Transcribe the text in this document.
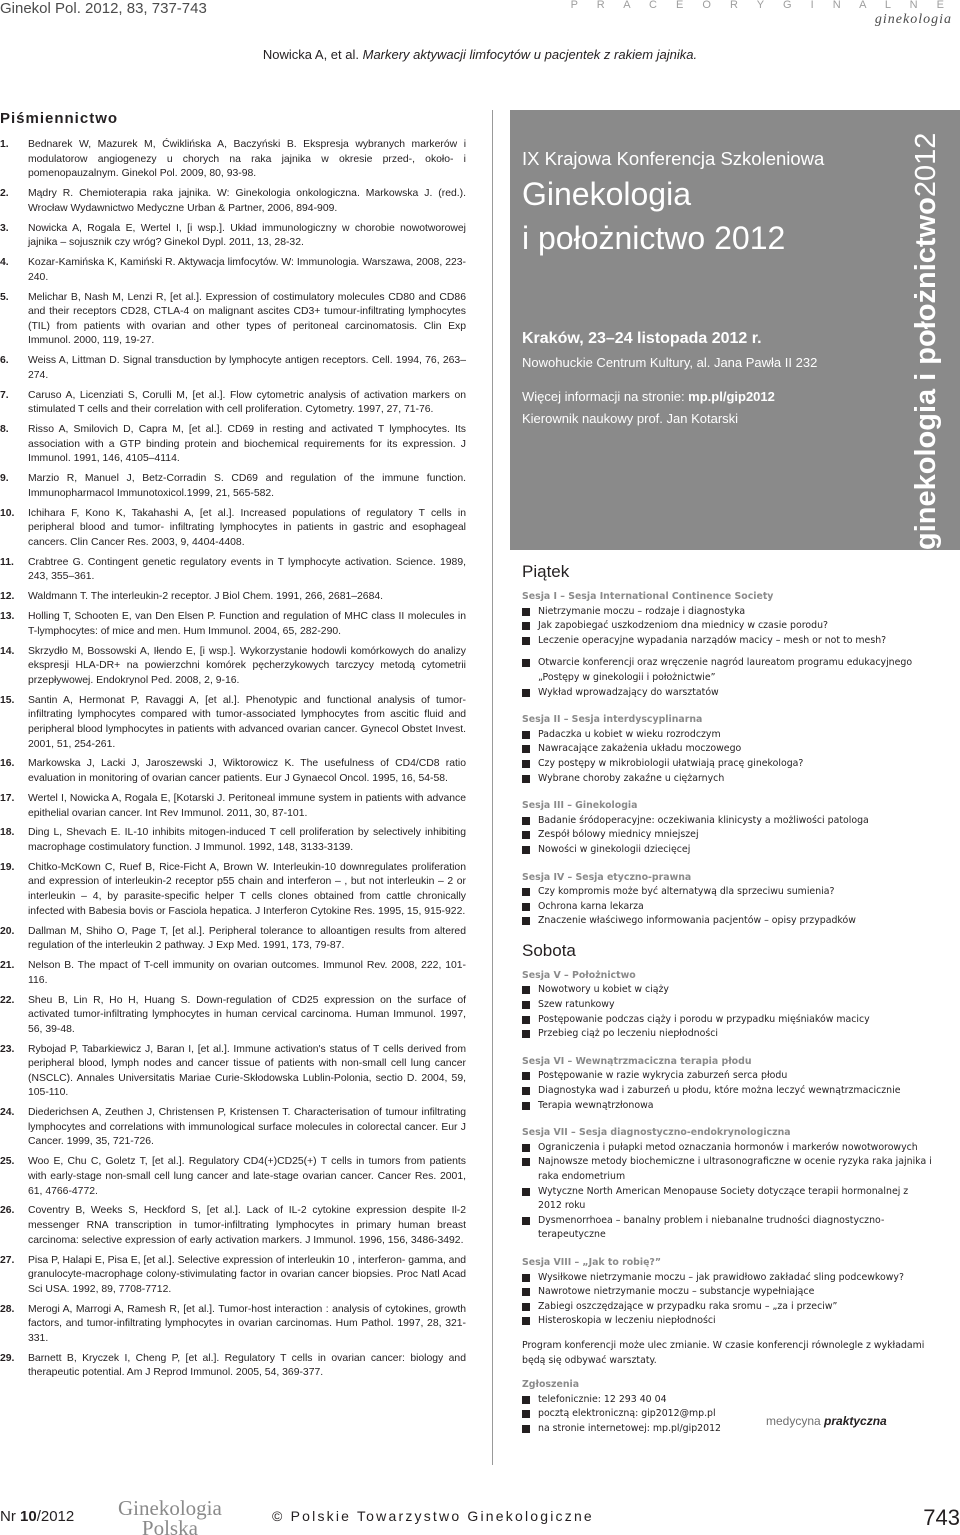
Ginekol Pol. 2012, 83, 737-743	P R A C E O R Y G I N A L N E
ginekologia
Nowicka A, et al. Markery aktywacji limfocytów u pacjentek z rakiem jajnika.
Piśmiennictwo
1.	Bednarek W, Mazurek M, Ćwiklińska A, Baczyński B. Ekspresja wybranych markerów i modulatorow angiogenezy u chorych na raka jajnika w okresie przed-, około- i pomenopauzalnym. Ginekol Pol. 2009, 80, 93-98.
2.	Mądry R. Chemioterapia raka jajnika. W: Ginekologia onkologiczna. Markowska J. (red.). Wrocław Wydawnictwo Medyczne Urban & Partner, 2006, 894-909.
3.	Nowicka A, Rogala E, Wertel I, [i wsp.]. Układ immunologiczny w chorobie nowotworowej jajnika – sojusznik czy wróg? Ginekol Dypl. 2011, 13, 28-32.
4.	Kozar-Kamińska K, Kamiński R. Aktywacja limfocytów. W: Immunologia. Warszawa, 2008, 223-240.
5.	Melichar B, Nash M, Lenzi R, [et al.]. Expression of costimulatory molecules CD80 and CD86 and their receptors CD28, CTLA-4 on malignant ascites CD3+ tumour-infiltrating lymphocytes (TIL) from patients with ovarian and other types of peritoneal carcinomatosis. Clin Exp Immunol. 2000, 119, 19-27.
6.	Weiss A, Littman D. Signal transduction by lymphocyte antigen receptors. Cell. 1994, 76, 263–274.
7.	Caruso A, Licenziati S, Corulli M, [et al.]. Flow cytometric analysis of activation markers on stimulated T cells and their correlation with cell proliferation. Cytometry. 1997, 27, 71-76.
8.	Risso A, Smilovich D, Capra M, [et al.]. CD69 in resting and activated T lymphocytes. Its association with a GTP binding protein and biochemical requirements for its expression. J Immunol. 1991, 146, 4105–4114.
9.	Marzio R, Manuel J, Betz-Corradin S. CD69 and regulation of the immune function. Immunopharmacol Immunotoxicol.1999, 21, 565-582.
10.	Ichihara F, Kono K, Takahashi A, [et al.]. Increased populations of regulatory T cells in peripheral blood and tumor- infiltrating lymphocytes in patients in gastric and esophageal cancers. Clin Cancer Res. 2003, 9, 4404-4408.
11.	Crabtree G. Contingent genetic regulatory events in T lymphocyte activation. Science. 1989, 243, 355–361.
12.	Waldmann T. The interleukin-2 receptor. J Biol Chem. 1991, 266, 2681–2684.
13.	Holling T, Schooten E, van Den Elsen P. Function and regulation of MHC class II molecules in T-lymphocytes: of mice and men. Hum Immunol. 2004, 65, 282-290.
14.	Skrzydło M, Bossowski A, Iłendo E, [i wsp.]. Wykorzystanie hodowli komórkowych do analizy ekspresji HLA-DR+ na powierzchni komórek pęcherzykowych tarczycy metodą cytometrii przepływowej. Endokrynol Ped. 2008, 2, 9-16.
15.	Santin A, Hermonat P, Ravaggi A, [et al.]. Phenotypic and functional analysis of tumor-infiltrating lymphocytes compared with tumor-associated lymphocytes from ascitic fluid and peripheral blood lymphocytes in patients with advanced ovarian cancer. Gynecol Obstet Invest. 2001, 51, 254-261.
16.	Markowska J, Lacki J, Jaroszewski J, Wiktorowicz K. The usefulness of CD4/CD8 ratio evaluation in monitoring of ovarian cancer patients. Eur J Gynaecol Oncol. 1995, 16, 54-58.
17.	Wertel I, Nowicka A, Rogala E, [Kotarski J. Peritoneal immune system in patients with advance epithelial ovarian cancer. Int Rev Immunol. 2011, 30, 87-101.
18.	Ding L, Shevach E. IL-10 inhibits mitogen-induced T cell proliferation by selectively inhibiting macrophage costimulatory function. J Immunol. 1992, 148, 3133-3139.
19.	Chitko-McKown C, Ruef B, Rice-Ficht A, Brown W. Interleukin-10 downregulates proliferation and expression of interleukin-2 receptor p55 chain and interferon – , but not interleukin – 2 or interleukin – 4, by parasite-specific helper T cells clones obtained from cattle chronically infected with Babesia bovis or Fasciola hepatica. J Interferon Cytokine Res. 1995, 15, 915-922.
20.	Dallman M, Shiho O, Page T, [et al.]. Peripheral tolerance to alloantigen results from altered regulation of the interleukin 2 pathway. J Exp Med. 1991, 173, 79-87.
21.	Nelson B. The mpact of T-cell immunity on ovarian outcomes. Immunol Rev. 2008, 222, 101-116.
22.	Sheu B, Lin R, Ho H, Huang S. Down-regulation of CD25 expression on the surface of activated tumor-infiltrating lymphocytes in human cervical carcinoma. Human Immunol. 1997, 56, 39-48.
23.	Rybojad P, Tabarkiewicz J, Baran I, [et al.]. Immune activation's status of T cells derived from peripheral blood, lymph nodes and cancer tissue of patients with non-small cell lung cancer (NSCLC). Annales Universitatis Mariae Curie-Skłodowska Lublin-Polonia, sectio D. 2004, 59, 105-110.
24.	Diederichsen A, Zeuthen J, Christensen P, Kristensen T. Characterisation of tumour infiltrating lymphocytes and correlations with immunological surface molecules in colorectal cancer. Eur J Cancer. 1999, 35, 721-726.
25.	Woo E, Chu C, Goletz T, [et al.]. Regulatory CD4(+)CD25(+) T cells in tumors from patients with early-stage non-small cell lung cancer and late-stage ovarian cancer. Cancer Res. 2001, 61, 4766-4772.
26.	Coventry B, Weeks S, Heckford S, [et al.]. Lack of IL-2 cytokine expression despite Il-2 messenger RNA transcription in tumor-infiltrating lymphocytes in primary human breast carcinoma: selective expression of early activation markers. J Immunol. 1996, 156, 3486-3492.
27.	Pisa P, Halapi E, Pisa E, [et al.]. Selective expression of interleukin 10 , interferon- gamma, and granulocyte-macrophage colony-stivimulating factor in ovarian cancer biopsies. Proc Natl Acad Sci USA. 1992, 89, 7708-7712.
28.	Merogi A, Marrogi A, Ramesh R, [et al.]. Tumor-host interaction : analysis of cytokines, growth factors, and tumor-infiltrating lymphocytes in ovarian carcinomas. Hum Pathol. 1997, 28, 321-331.
29.	Barnett B, Kryczek I, Cheng P, [et al.]. Regulatory T cells in ovarian cancer: biology and therapeutic potential. Am J Reprod Immunol. 2005, 54, 369-377.
IX Krajowa Konferencja Szkoleniowa
Ginekologia
i położnictwo 2012	ginekologia i położnictwo2012
Kraków, 23–24 listopada 2012 r.
Nowohuckie Centrum Kultury, al. Jana Pawła II 232
Więcej informacji na stronie: mp.pl/gip2012
Kierownik naukowy prof. Jan Kotarski
Piątek
Sesja I – Sesja International Continence Society
Nietrzymanie moczu – rodzaje i diagnostyka
Jak zapobiegać uszkodzeniom dna miednicy w czasie porodu?
Leczenie operacyjne wypadania narządów macicy – mesh or not to mesh?
Otwarcie konferencji oraz wręczenie nagród laureatom programu edukacyjnego „Postępy w ginekologii i położnictwie”
Wykład wprowadzający do warsztatów
Sesja II – Sesja interdyscyplinarna
Padaczka u kobiet w wieku rozrodczym
Nawracające zakażenia układu moczowego
Czy postępy w mikrobiologii ułatwiają pracę ginekologa?
Wybrane choroby zakaźne u ciężarnych
Sesja III – Ginekologia
Badanie śródoperacyjne: oczekiwania klinicysty a możliwości patologa
Zespół bólowy miednicy mniejszej
Nowości w ginekologii dziecięcej
Sesja IV – Sesja etyczno-prawna
Czy kompromis może być alternatywą dla sprzeciwu sumienia?
Ochrona karna lekarza
Znaczenie właściwego informowania pacjentów – opisy przypadków
Sobota
Sesja V – Położnictwo
Nowotwory u kobiet w ciąży
Szew ratunkowy
Postępowanie podczas ciąży i porodu w przypadku mięśniaków macicy
Przebieg ciąż po leczeniu niepłodności
Sesja VI – Wewnątrzmaciczna terapia płodu
Postępowanie w razie wykrycia zaburzeń serca płodu
Diagnostyka wad i zaburzeń u płodu, które można leczyć wewnątrzmacicznie
Terapia wewnątrzłonowa
Sesja VII – Sesja diagnostyczno-endokrynologiczna
Ograniczenia i pułapki metod oznaczania hormonów i markerów nowotworowych
Najnowsze metody biochemiczne i ultrasonograficzne w ocenie ryzyka raka jajnika i raka endometrium
Wytyczne North American Menopause Society dotyczące terapii hormonalnej z 2012 roku
Dysmenorrhoea – banalny problem i niebanalne trudności diagnostyczno-terapeutyczne
Sesja VIII – „Jak to robię?”
Wysiłkowe nietrzymanie moczu – jak prawidłowo zakładać sling podcewkowy?
Nawrotowe nietrzymanie moczu – substancje wypełniające
Zabiegi oszczędzające w przypadku raka sromu – „za i przeciw”
Histeroskopia w leczeniu niepłodności
Program konferencji może ulec zmianie. W czasie konferencji równolegle z wykładami będą się odbywać warsztaty.
Zgłoszenia
telefonicznie: 12 293 40 04
pocztą elektroniczną: gip2012@mp.pl
na stronie internetowej: mp.pl/gip2012
medycyna praktyczna
Nr 10/2012 Ginekologia
Polska	© Polskie Towarzystwo Ginekologiczne	743
